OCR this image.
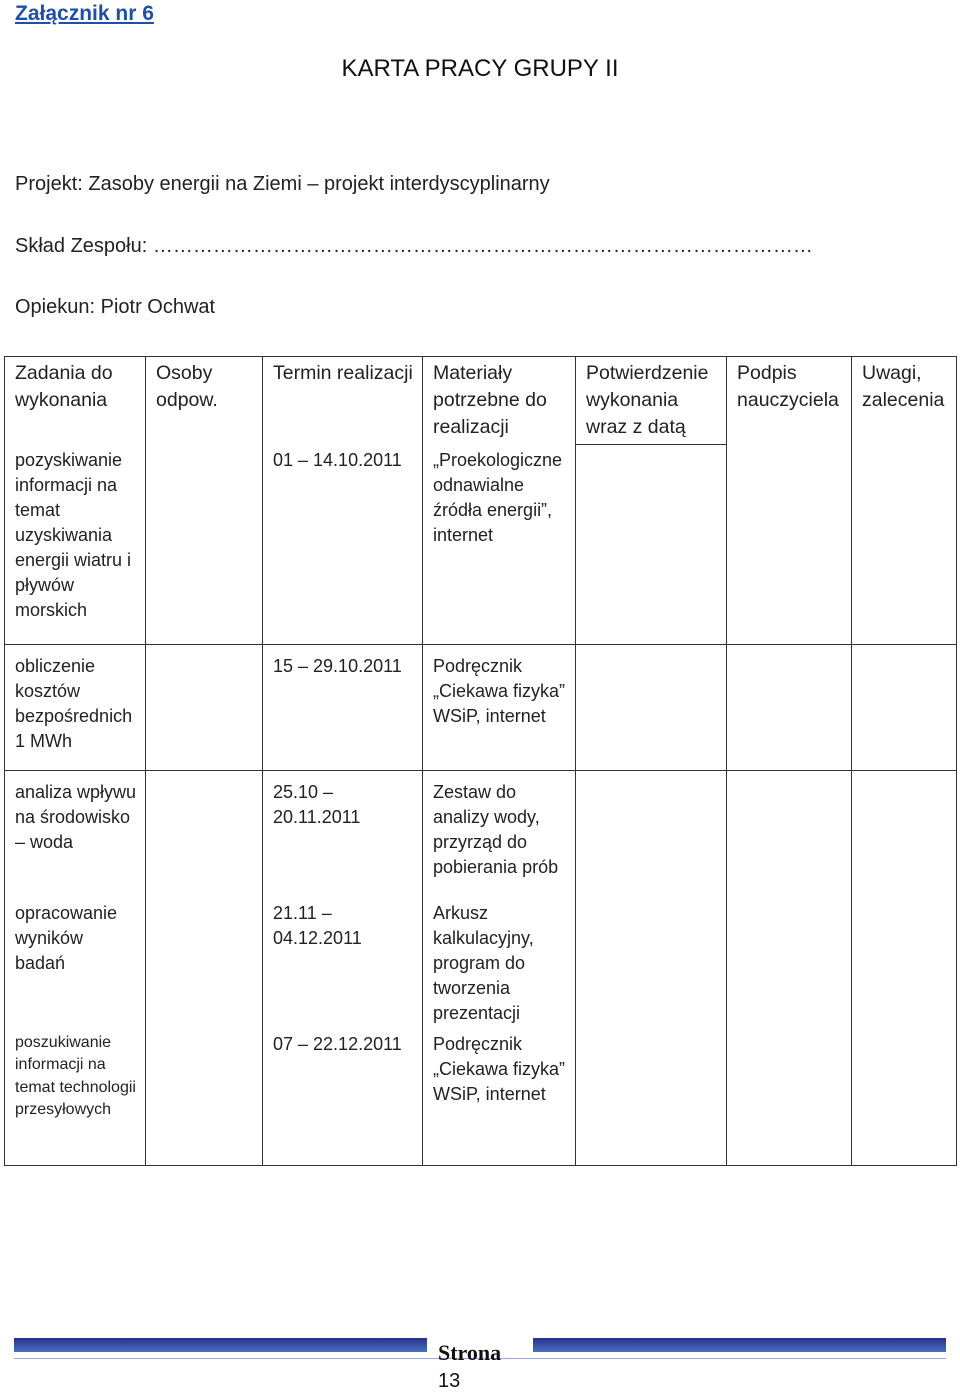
Załącznik nr 6
KARTA PRACY GRUPY II
Projekt: Zasoby energii na Ziemi – projekt interdyscyplinarny
Skład Zespołu: ………………………………………………………………………………………
Opiekun: Piotr Ochwat
Zadania do wykonania	Osoby odpow.	Termin realizacji	Materiały potrzebne do realizacji	Potwierdzenie wykonania wraz z datą	Podpis nauczyciela	Uwagi, zalecenia
pozyskiwanie informacji na temat uzyskiwania energii wiatru i pływów morskich		01 – 14.10.2011	„Proekologiczne odnawialne źródła energii”, internet			
obliczenie kosztów bezpośrednich 1 MWh		15 – 29.10.2011	Podręcznik „Ciekawa fizyka” WSiP, internet			
analiza wpływu na środowisko – woda		25.10 – 20.11.2011	Zestaw do analizy wody, przyrząd do pobierania prób			
opracowanie wyników badań		21.11 – 04.12.2011	Arkusz kalkulacyjny, program do tworzenia prezentacji			
poszukiwanie informacji na temat technologii przesyłowych		07 – 22.12.2011	Podręcznik „Ciekawa fizyka” WSiP, internet			
Strona
13
